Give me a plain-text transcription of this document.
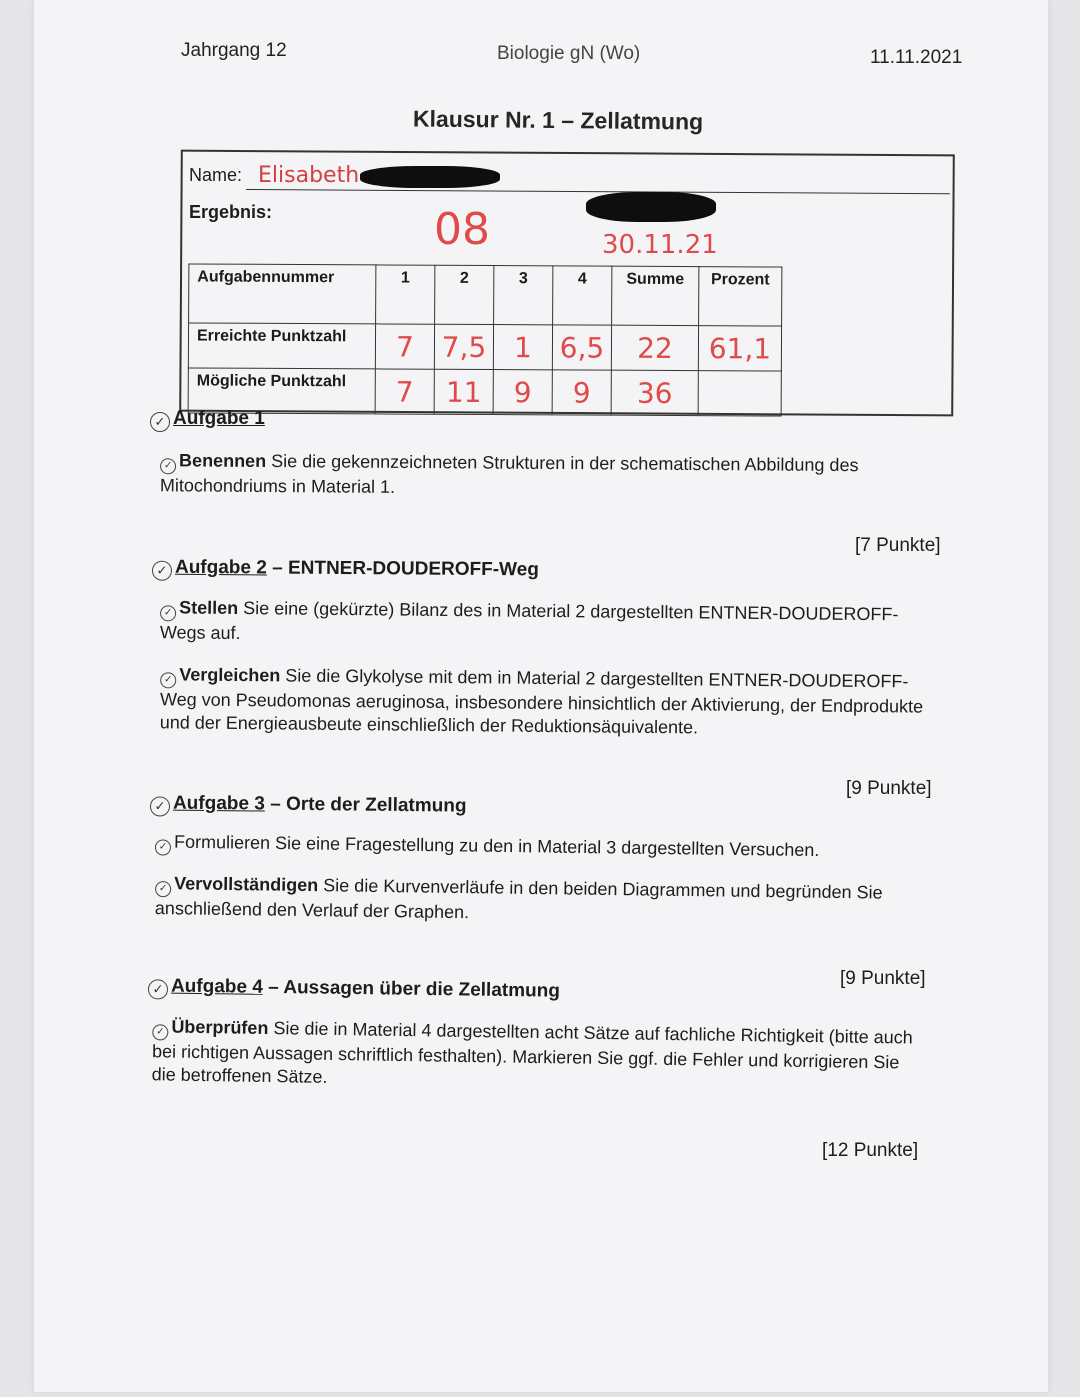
Jahrgang 12	Biologie gN (Wo)	11.11.2021
Klausur Nr. 1 – Zellatmung
Name: Elisabeth
Ergebnis:	08	30.11.21
Aufgabennummer	1	2	3	4	Summe	Prozent
Erreichte Punktzahl	7	7,5	1	6,5	22	61,1
Mögliche Punktzahl	7	11	9	9	36	
✓ Aufgabe 1
✓ Benennen Sie die gekennzeichneten Strukturen in der schematischen Abbildung des Mitochondriums in Material 1.
[7 Punkte]
✓ Aufgabe 2 – ENTNER-DOUDEROFF-Weg
✓ Stellen Sie eine (gekürzte) Bilanz des in Material 2 dargestellten ENTNER-DOUDEROFF-Wegs auf.
✓ Vergleichen Sie die Glykolyse mit dem in Material 2 dargestellten ENTNER-DOUDEROFF-Weg von Pseudomonas aeruginosa, insbesondere hinsichtlich der Aktivierung, der Endprodukte und der Energieausbeute einschließlich der Reduktionsäquivalente.
[9 Punkte]
✓ Aufgabe 3 – Orte der Zellatmung
✓ Formulieren Sie eine Fragestellung zu den in Material 3 dargestellten Versuchen.
✓ Vervollständigen Sie die Kurvenverläufe in den beiden Diagrammen und begründen Sie anschließend den Verlauf der Graphen.
[9 Punkte]
✓ Aufgabe 4 – Aussagen über die Zellatmung
✓ Überprüfen Sie die in Material 4 dargestellten acht Sätze auf fachliche Richtigkeit (bitte auch bei richtigen Aussagen schriftlich festhalten). Markieren Sie ggf. die Fehler und korrigieren Sie die betroffenen Sätze.
[12 Punkte]
